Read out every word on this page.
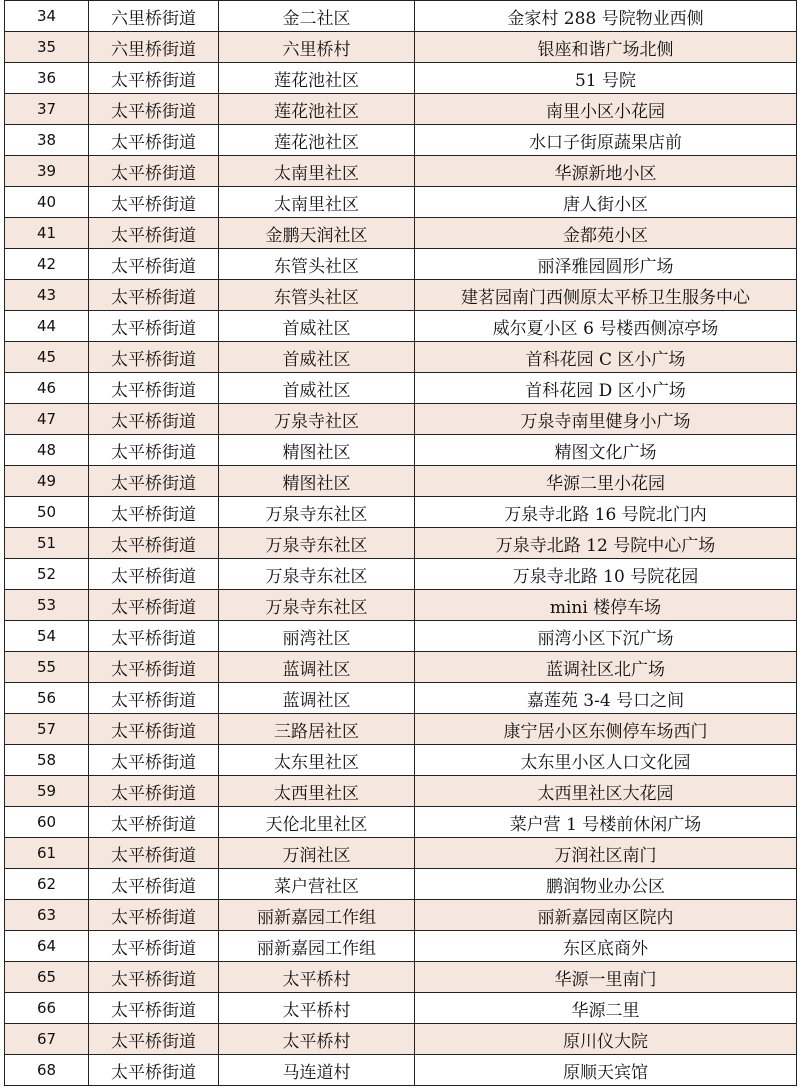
34	六里桥街道	金二社区	金家村 288 号院物业西侧
35	六里桥街道	六里桥村	银座和谐广场北侧
36	太平桥街道	莲花池社区	51 号院
37	太平桥街道	莲花池社区	南里小区小花园
38	太平桥街道	莲花池社区	水口子街原蔬果店前
39	太平桥街道	太南里社区	华源新地小区
40	太平桥街道	太南里社区	唐人街小区
41	太平桥街道	金鹏天润社区	金都苑小区
42	太平桥街道	东管头社区	丽泽雅园圆形广场
43	太平桥街道	东管头社区	建茗园南门西侧原太平桥卫生服务中心
44	太平桥街道	首威社区	威尔夏小区 6 号楼西侧凉亭场
45	太平桥街道	首威社区	首科花园 C 区小广场
46	太平桥街道	首威社区	首科花园 D 区小广场
47	太平桥街道	万泉寺社区	万泉寺南里健身小广场
48	太平桥街道	精图社区	精图文化广场
49	太平桥街道	精图社区	华源二里小花园
50	太平桥街道	万泉寺东社区	万泉寺北路 16 号院北门内
51	太平桥街道	万泉寺东社区	万泉寺北路 12 号院中心广场
52	太平桥街道	万泉寺东社区	万泉寺北路 10 号院花园
53	太平桥街道	万泉寺东社区	mini 楼停车场
54	太平桥街道	丽湾社区	丽湾小区下沉广场
55	太平桥街道	蓝调社区	蓝调社区北广场
56	太平桥街道	蓝调社区	嘉莲苑 3-4 号口之间
57	太平桥街道	三路居社区	康宁居小区东侧停车场西门
58	太平桥街道	太东里社区	太东里小区人口文化园
59	太平桥街道	太西里社区	太西里社区大花园
60	太平桥街道	天伦北里社区	菜户营 1 号楼前休闲广场
61	太平桥街道	万润社区	万润社区南门
62	太平桥街道	菜户营社区	鹏润物业办公区
63	太平桥街道	丽新嘉园工作组	丽新嘉园南区院内
64	太平桥街道	丽新嘉园工作组	东区底商外
65	太平桥街道	太平桥村	华源一里南门
66	太平桥街道	太平桥村	华源二里
67	太平桥街道	太平桥村	原川仪大院
68	太平桥街道	马连道村	原顺天宾馆
